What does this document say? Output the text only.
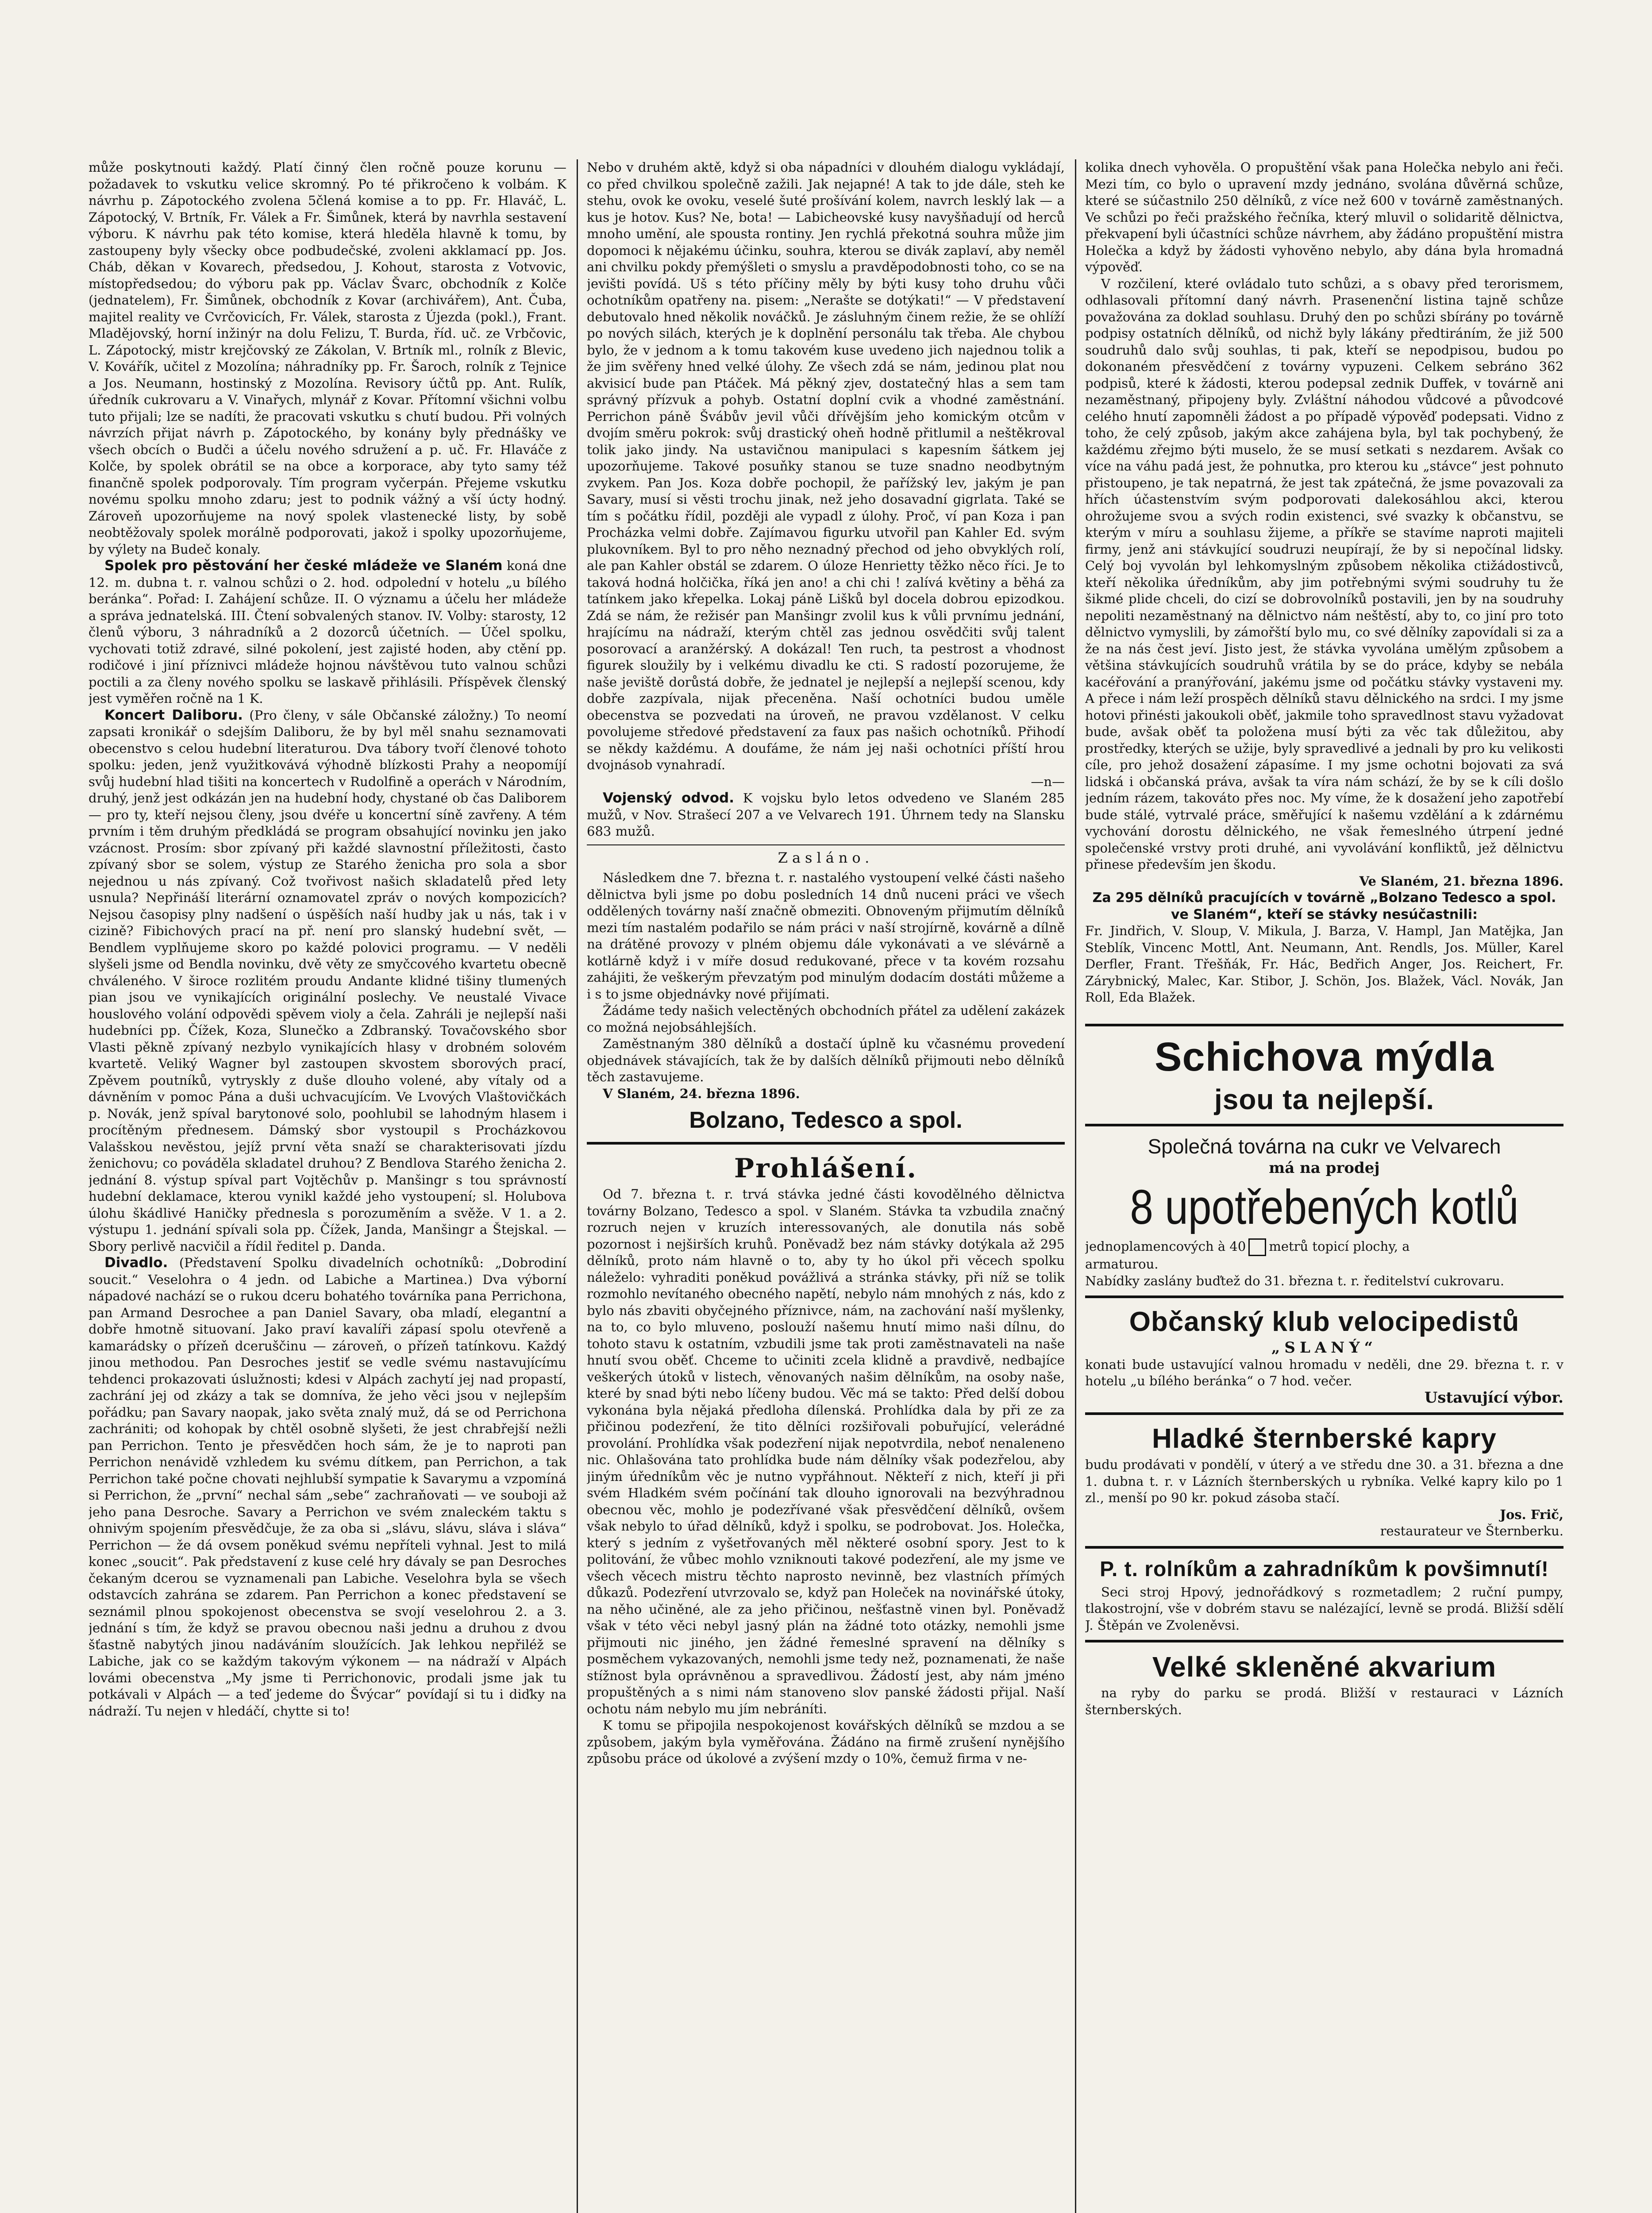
může poskytnouti každý. Platí činný člen ročně pouze korunu — požadavek to vskutku velice skromný. Po té přikročeno k volbám. K návrhu p. Zápotockého zvolena 5člená komise a to pp. Fr. Hlaváč, L. Zápotocký, V. Brtník, Fr. Válek a Fr. Šimůnek, která by navrhla sestavení výboru. K návrhu pak této komise, která hleděla hlavně k tomu, by zastoupeny byly všecky obce podbudečské, zvoleni akklamací pp. Jos. Cháb, děkan v Kovarech, předsedou, J. Kohout, starosta z Votvovic, místopředsedou; do výboru pak pp. Václav Švarc, obchodník z Kolče (jednatelem), Fr. Šimůnek, obchodník z Kovar (archivářem), Ant. Čuba, majitel reality ve Cvrčovicích, Fr. Válek, starosta z Újezda (pokl.), Frant. Mladějovský, horní inžinýr na dolu Felizu, T. Burda, říd. uč. ze Vrbčovic, L. Zápotocký, mistr krejčovský ze Zákolan, V. Brtník ml., rolník z Blevic, V. Kovářík, učitel z Mozolína; náhradníky pp. Fr. Šaroch, rolník z Tejnice a Jos. Neumann, hostinský z Mozolína. Revisory účtů pp. Ant. Rulík, úředník cukrovaru a V. Vinařych, mlynář z Kovar. Přítomní všichni volbu tuto přijali; lze se nadíti, že pracovati vskutku s chutí budou. Při volných návrzích přijat návrh p. Zápotockého, by konány byly přednášky ve všech obcích o Budči a účelu nového sdružení a p. uč. Fr. Hlaváče z Kolče, by spolek obrátil se na obce a korporace, aby tyto samy též finančně spolek podporovaly. Tím program vyčerpán. Přejeme vskutku novému spolku mnoho zdaru; jest to podnik vážný a vší úcty hodný. Zároveň upozorňujeme na nový spolek vlastenecké listy, by sobě neobtěžovaly spolek morálně podporovati, jakož i spolky upozorňujeme, by výlety na Budeč konaly.

Spolek pro pěstování her české mládeže ve Slaném koná dne 12. m. dubna t. r. valnou schůzi o 2. hod. odpolední v hotelu „u bílého beránka“. Pořad: I. Zahájení schůze. II. O významu a účelu her mládeže a správa jednatelská. III. Čtení sobvalených stanov. IV. Volby: starosty, 12 členů výboru, 3 náhradníků a 2 dozorců účetních. — Účel spolku, vychovati totiž zdravé, silné pokolení, jest zajisté hoden, aby ctění pp. rodičové i jiní příznivci mládeže hojnou návštěvou tuto valnou schůzi poctili a za členy nového spolku se laskavě přihlásili. Příspěvek členský jest vyměřen ročně na 1 K.

Koncert Daliboru. (Pro členy, v sále Občanské záložny.) To neomí zapsati kronikář o sdejším Daliboru, že by byl měl snahu seznamovati obecenstvo s celou hudební literaturou. Dva tábory tvoří členové tohoto spolku: jeden, jenž využitkovává výhodně blízkosti Prahy a neopomíjí svůj hudební hlad tišiti na koncertech v Rudolfině a operách v Národním, druhý, jenž jest odkázán jen na hudební hody, chystané ob čas Daliborem — pro ty, kteří nejsou členy, jsou dvéře u koncertní síně zavřeny. A tém prvním i těm druhým předkládá se program obsahující novinku jen jako vzácnost. Prosím: sbor zpívaný při každé slavnostní příležitosti, často zpívaný sbor se solem, výstup ze Starého ženicha pro sola a sbor nejednou u nás zpívaný. Což tvořivost našich skladatelů před lety usnula? Nepřináší literární oznamovatel zpráv o nových kompozicích? Nejsou časopisy plny nadšení o úspěších naší hudby jak u nás, tak i v cizině? Fibichových prací na př. není pro slanský hudební svět, — Bendlem vyplňujeme skoro po každé polovici programu. — V neděli slyšeli jsme od Bendla novinku, dvě věty ze smyčcového kvartetu obecně chváleného. V široce rozlitém proudu Andante klidné tišiny tlumených pian jsou ve vynikajících originální poslechy. Ve neustalé Vivace houslového volání odpovědi spěvem violy a čela. Zahráli je nejlepší naši hudebníci pp. Čížek, Koza, Slunečko a Zdbranský. Tovačovského sbor Vlasti pěkně zpívaný nezbylo vynikajících hlasy v drobném solovém kvartetě. Veliký Wagner byl zastoupen skvostem sborových prací, Zpěvem poutníků, vytryskly z duše dlouho volené, aby vítaly od a dávněním v pomoc Pána a duši uchvacujícím. Ve Lvových Vlaštovičkách p. Novák, jenž spíval barytonové solo, poohlubil se lahodným hlasem i procítěným přednesem. Dámský sbor vystoupil s Procházkovou Valašskou nevěstou, jejíž první věta snaží se charakterisovati jízdu ženichovu; co pováděla skladatel druhou? Z Bendlova Starého ženicha 2. jednání 8. výstup spíval part Vojtěchův p. Manšingr s tou správností hudební deklamace, kterou vynikl každé jeho vystoupení; sl. Holubova úlohu škádlivé Haničky přednesla s porozuměním a svěže. V 1. a 2. výstupu 1. jednání spívali sola pp. Čížek, Janda, Manšingr a Štejskal. — Sbory perlivě nacvičil a řídil ředitel p. Danda.

Divadlo. (Představení Spolku divadelních ochotníků: „Dobrodiní soucit.“ Veselohra o 4 jedn. od Labiche a Martinea.) Dva výborní nápadové nachází se o rukou dceru bohatého továrníka pana Perrichona, pan Armand Desrochee a pan Daniel Savary, oba mladí, elegantní a dobře hmotně situovaní. Jako praví kavalíři zápasí spolu otevřeně a kamarádsky o přízeň dceruščinu — zároveň, o přízeň tatínkovu. Každý jinou methodou. Pan Desroches jestiť se vedle svému nastavujícímu tehdenci prokazovati úslužnosti; kdesi v Alpách zachytí jej nad propastí, zachrání jej od zkázy a tak se domníva, že jeho věci jsou v nejlepším pořádku; pan Savary naopak, jako světa znalý muž, dá se od Perrichona zachrániti; od kohopak by chtěl osobně slyšeti, že jest chrabřejší nežli pan Perrichon. Tento je přesvědčen hoch sám, že je to naproti pan Perrichon nenávidě vzhledem ku svému dítkem, pan Perrichon, a tak Perrichon také počne chovati nejhlubší sympatie k Savarymu a vzpomíná si Perrichon, že „první“ nechal sám „sebe“ zachraňovati — ve souboji až jeho pana Desroche. Savary a Perrichon ve svém znaleckém taktu s ohnivým spojením přesvědčuje, že za oba si „slávu, slávu, sláva i sláva“ Perrichon — že dá ovsem poněkud svému nepříteli vyhnal. Jest to milá konec „soucit“. Pak představení z kuse celé hry dávaly se pan Desroches čekaným dcerou se vyznamenali pan Labiche. Veselohra byla se všech odstavcích zahrána se zdarem. Pan Perrichon a konec představení se seznámil plnou spokojenost obecenstva se svojí veselohrou 2. a 3. jednání s tím, že když se pravou obecnou naši jednu a druhou z dvou šťastně nabytých jinou nadáváním sloužících. Jak lehkou nepřiléž se Labiche, jak co se každým takovým výkonem — na nádraží v Alpách lovámi obecenstva „My jsme ti Perrichonovic, prodali jsme jak tu potkávali v Alpách — a teď jedeme do Švýcar“ povídají si tu i diďky na nádraží. Tu nejen v hledáčí, chytte si to!

Nebo v druhém aktě, když si oba nápadníci v dlouhém dialogu vykládají, co před chvilkou společně zažili. Jak nejapné! A tak to jde dále, steh ke stehu, ovok ke ovoku, veselé šuté prošívání kolem, navrch lesklý lak — a kus je hotov. Kus? Ne, bota! — Labicheovské kusy navyšňadují od herců mnoho umění, ale spousta rontiny. Jen rychlá překotná souhra může jim dopomoci k nějakému účinku, souhra, kterou se divák zaplaví, aby neměl ani chvilku pokdy přemýšleti o smyslu a pravděpodobnosti toho, co se na jevišti povídá. Uš s této příčiny měly by býti kusy toho druhu vůči ochotníkům opatřeny na. pisem: „Nerašte se dotýkati!“ — V představení debutovalo hned několik nováčků. Je zásluhným činem režie, že se ohlíží po nových silách, kterých je k doplnění personálu tak třeba. Ale chybou bylo, že v jednom a k tomu takovém kuse uvedeno jich najednou tolik a že jim svěřeny hned velké úlohy. Ze všech zdá se nám, jedinou plat nou akvisicí bude pan Ptáček. Má pěkný zjev, dostatečný hlas a sem tam správný přízvuk a pohyb. Ostatní doplní cvik a vhodné zaměstnání. Perrichon páně Švábův jevil vůči dřívějším jeho komickým otcům v dvojím směru pokrok: svůj drastický oheň hodně přitlumil a neštěkroval tolik jako jindy. Na ustavičnou manipulaci s kapesním šátkem jej upozorňujeme. Takové posuňky stanou se tuze snadno neodbytným zvykem. Pan Jos. Koza dobře pochopil, že pařížský lev, jakým je pan Savary, musí si věsti trochu jinak, než jeho dosavadní gigrlata. Také se tím s počátku řídil, později ale vypadl z úlohy. Proč, ví pan Koza i pan Procházka velmi dobře. Zajímavou figurku utvořil pan Kahler Ed. svým plukovníkem. Byl to pro něho neznadný přechod od jeho obvyklých rolí, ale pan Kahler obstál se zdarem. O úloze Henrietty těžko něco říci. Je to taková hodná holčička, říká jen ano! a chi chi ! zalívá květiny a běhá za tatínkem jako křepelka. Lokaj páně Lišků byl docela dobrou epizodkou. Zdá se nám, že režisér pan Manšingr zvolil kus k vůli prvnímu jednání, hrajícímu na nádraží, kterým chtěl zas jednou osvědčiti svůj talent posorovací a aranžérský. A dokázal! Ten ruch, ta pestrost a vhodnost figurek sloužily by i velkému divadlu ke cti. S radostí pozorujeme, že naše jeviště dorůstá dobře, že jednatel je nejlepší a nejlepší scenou, kdy dobře zazpívala, nijak přeceněna. Naší ochotníci budou uměle obecenstva se pozvedati na úroveň, ne pravou vzdělanost. V celku povolujeme středové představení za faux pas našich ochotníků. Přihodí se někdy každému. A doufáme, že nám jej naši ochotníci příští hrou dvojnásob vynahradí.

—n—

Vojenský odvod. K vojsku bylo letos odvedeno ve Slaném 285 mužů, v Nov. Strašecí 207 a ve Velvarech 191. Úhrnem tedy na Slansku 683 mužů.

Zasláno.

Následkem dne 7. března t. r. nastalého vystoupení velké části našeho dělnictva byli jsme po dobu posledních 14 dnů nuceni práci ve všech oddělených továrny naší značně obmeziti. Obnoveným přijmutím dělníků mezi tím nastalém podařilo se nám práci v naší strojírně, kovárně a dílně na drátěné provozy v plném objemu dále vykonávati a ve slévárně a kotlárně když i v míře dosud redukované, přece v ta kovém rozsahu zahájiti, že veškerým převzatým pod minulým dodacím dostáti můžeme a i s to jsme objednávky nové přijímati.

Žádáme tedy našich velectěných obchodních přátel za udělení zakázek co možná nejobsáhlejších.

Zaměstnaným 380 dělníků a dostačí úplně ku včasnému provedení objednávek stávajících, tak že by dalších dělníků přijmouti nebo dělníků těch zastavujeme.

V Slaném, 24. března 1896.

Bolzano, Tedesco a spol.

Prohlášení.

Od 7. března t. r. trvá stávka jedné části kovodělného dělnictva továrny Bolzano, Tedesco a spol. v Slaném. Stávka ta vzbudila značný rozruch nejen v kruzích interessovaných, ale donutila nás sobě pozornost i nejširších kruhů. Poněvadž bez nám stávky dotýkala až 295 dělníků, proto nám hlavně o to, aby ty ho úkol při věcech spolku náleželo: vyhraditi poněkud povážlivá a stránka stávky, při níž se tolik rozmohlo nevítaného obecného napětí, nebylo nám mnohých z nás, kdo z bylo nás zbaviti obyčejného příznivce, nám, na zachování naší myšlenky, na to, co bylo mluveno, poslouží našemu hnutí mimo naši dílnu, do tohoto stavu k ostatním, vzbudili jsme tak proti zaměstnavateli na naše hnutí svou oběť. Chceme to učiniti zcela klidně a pravdivě, nedbajíce veškerých útoků v listech, věnovaných našim dělníkům, na osoby naše, které by snad býti nebo líčeny budou. Věc má se takto: Před delší dobou vykonána byla nějaká předloha dílenská. Prohlídka dala by při ze za přičinou podezření, že tito dělníci rozšiřovali pobuřující, velerádné provolání. Prohlídka však podezření nijak nepotvrdila, neboť nenaleneno nic. Ohlašována tato prohlídka bude nám dělníky však podezřelou, aby jiným úředníkům věc je nutno vypřáhnout. Někteří z nich, kteří ji při svém Hladkém svém počínání tak dlouho ignorovali na bezvýhradnou obecnou věc, mohlo je podezřívané však přesvědčení dělníků, ovšem však nebylo to úřad dělníků, když i spolku, se podrobovat. Jos. Holečka, který s jedním z vyšetřovaných měl některé osobní spory. Jest to k politování, že vůbec mohlo vzniknouti takové podezření, ale my jsme ve všech věcech mistru těchto naprosto nevinně, bez vlastních přímých důkazů. Podezření utvrzovalo se, když pan Holeček na novinářské útoky, na něho učiněné, ale za jeho přičinou, nešťastně vinen byl. Poněvadž však v této věci nebyl jasný plán na žádné toto otázky, nemohli jsme přijmouti nic jiného, jen žádné řemeslné spravení na dělníky s posměchem vykazovaných, nemohli jsme tedy než, poznamenati, že naše stížnost byla oprávněnou a spravedlivou. Žádostí jest, aby nám jméno propuštěných a s nimi nám stanoveno slov panské žádosti přijal. Naší ochotu nám nebylo mu jím nebráníti.

K tomu se připojila nespokojenost kovářských dělníků se mzdou a se způsobem, jakým byla vyměřována. Žádáno na firmě zrušení nynějšího způsobu práce od úkolové a zvýšení mzdy o 10%, čemuž firma v ne-

kolika dnech vyhověla. O propuštění však pana Holečka nebylo ani řeči. Mezi tím, co bylo o upravení mzdy jednáno, svolána důvěrná schůze, které se súčastnilo 250 dělníků, z více než 600 v továrně zaměstnaných. Ve schůzi po řeči pražského řečníka, který mluvil o solidaritě dělnictva, překvapení byli účastníci schůze návrhem, aby žádáno propuštění mistra Holečka a když by žádosti vyhověno nebylo, aby dána byla hromadná výpověď.

V rozčilení, které ovládalo tuto schůzi, a s obavy před terorismem, odhlasovali přítomní daný návrh. Prasenenční listina tajně schůze považována za doklad souhlasu. Druhý den po schůzi sbírány po továrně podpisy ostatních dělníků, od nichž byly lákány předtiráním, že již 500 soudruhů dalo svůj souhlas, ti pak, kteří se nepodpisou, budou po dokonaném přesvědčení z továrny vypuzeni. Celkem sebráno 362 podpisů, které k žádosti, kterou podepsal zednik Duffek, v továrně ani nezaměstnaný, připojeny byly. Zvláštní náhodou vůdcové a původcové celého hnutí zapomněli žádost a po případě výpověď podepsati. Vidno z toho, že celý způsob, jakým akce zahájena byla, byl tak pochybený, že každému zřejmo býti muselo, že se musí setkati s nezdarem. Avšak co více na váhu padá jest, že pohnutka, pro kterou ku „stávce“ jest pohnuto přistoupeno, je tak nepatrná, že jest tak zpátečná, že jsme povazovali za hřích účastenstvím svým podporovati dalekosáhlou akci, kterou ohrožujeme svou a svých rodin existenci, své svazky k občanstvu, se kterým v míru a souhlasu žijeme, a příkře se stavíme naproti majiteli firmy, jenž ani stávkující soudruzi neupírají, že by si nepočínal lidsky. Celý boj vyvolán byl lehkomyslným způsobem několika ctižádostivců, kteří několika úředníkům, aby jim potřebnými svými soudruhy tu že šikmé plide chceli, do cizí se dobrovolníků postavili, jen by na soudruhy nepoliti nezaměstnaný na dělnictvo nám neštěstí, aby to, co jiní pro toto dělnictvo vymyslili, by zámořští bylo mu, co své dělníky zapovídali si za a že na nás čest jeví. Jisto jest, že stávka vyvolána umělým způsobem a většina stávkujících soudruhů vrátila by se do práce, kdyby se nebála kacéřování a pranýřování, jakému jsme od počátku stávky vystaveni my. A přece i nám leží prospěch dělníků stavu dělnického na srdci. I my jsme hotovi přinésti jakoukoli oběť, jakmile toho spravedlnost stavu vyžadovat bude, avšak oběť ta položena musí býti za věc tak důležitou, aby prostředky, kterých se užije, byly spravedlivé a jednali by pro ku velikosti cíle, pro jehož dosažení zápasíme. I my jsme ochotni bojovati za svá lidská i občanská práva, avšak ta víra nám schází, že by se k cíli došlo jedním rázem, takováto přes noc. My víme, že k dosažení jeho zapotřebí bude stálé, vytrvalé práce, směřující k našemu vzdělání a k zdárnému vychování dorostu dělnického, ne však řemeslného útrpení jedné společenské vrstvy proti druhé, ani vyvolávání konfliktů, jež dělnictvu přinese především jen škodu.

Ve Slaném, 21. března 1896.

Za 295 dělníků pracujících v továrně „Bolzano Tedesco a spol. ve Slaném“, kteří se stávky nesúčastnili:

Fr. Jindřich, V. Sloup, V. Mikula, J. Barza, V. Hampl, Jan Matějka, Jan Steblík, Vincenc Mottl, Ant. Neumann, Ant. Rendls, Jos. Müller, Karel Derfler, Frant. Třešňák, Fr. Hác, Bedřich Anger, Jos. Reichert, Fr. Zárybnický, Malec, Kar. Stibor, J. Schön, Jos. Blažek, Václ. Novák, Jan Roll, Eda Blažek.

Schichova mýdla

jsou ta nejlepší.

Společná továrna na cukr ve Velvarech

má na prodej

8 upotřebených kotlů

jednoplamencových à 40 metrů topicí plochy, a

armaturou.

Nabídky zaslány buďtež do 31. března t. r. ředitelství cukrovaru.

Občanský klub velocipedistů

„SLANÝ“

konati bude ustavující valnou hromadu v neděli, dne 29. března t. r. v hotelu „u bílého beránka“ o 7 hod. večer.

Ustavující výbor.

Hladké šternberské kapry

budu prodávati v pondělí, v úterý a ve středu dne 30. a 31. března a dne 1. dubna t. r. v Lázních šternberských u rybníka. Velké kapry kilo po 1 zl., menší po 90 kr. pokud zásoba stačí.

Jos. Frič,

restaurateur ve Šternberku.

P. t. rolníkům a zahradníkům k povšimnutí!

Seci stroj Hpový, jednořádkový s rozmetadlem; 2 ruční pumpy, tlakostrojní, vše v dobrém stavu se nalézající, levně se prodá. Bližší sdělí J. Štěpán ve Zvoleněvsi.

Velké skleněné akvarium

na ryby do parku se prodá. Bližší v restauraci v Lázních šternberských.
